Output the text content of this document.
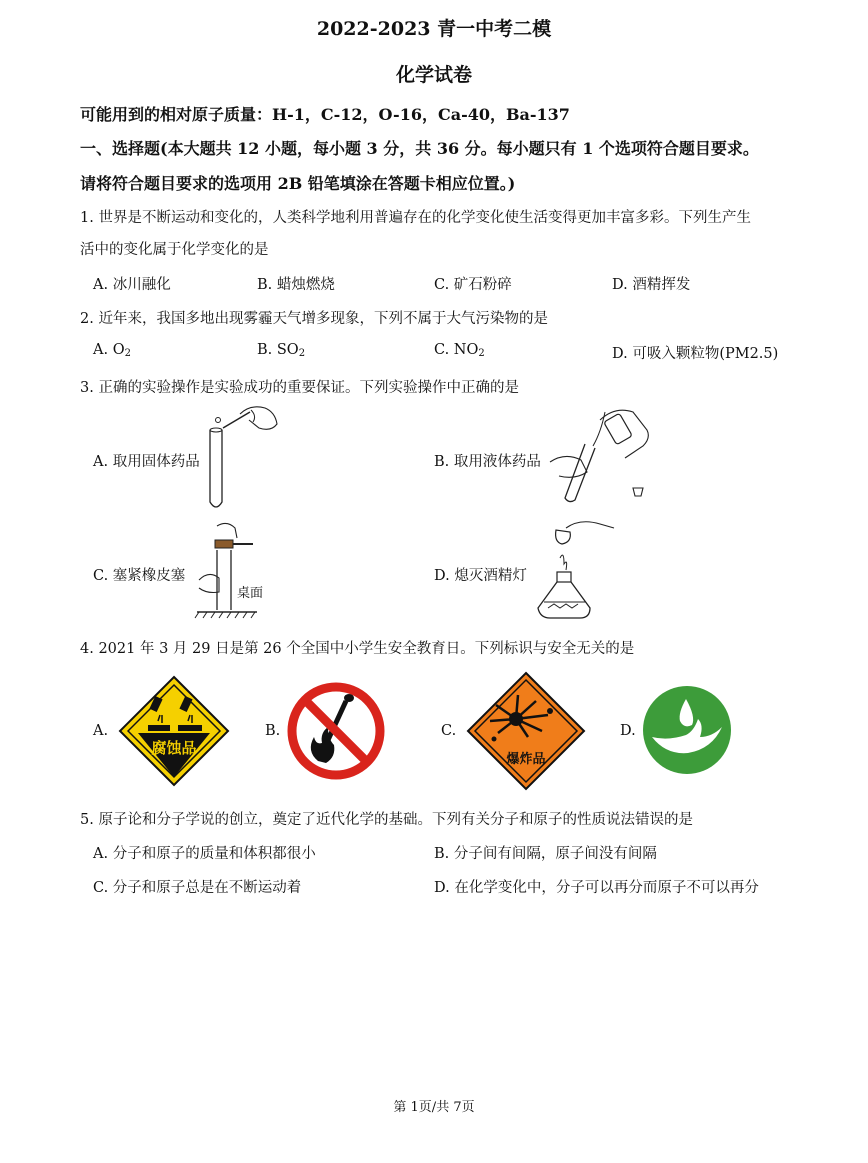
2022-2023 青一中考二模
化学试卷
可能用到的相对原子质量：H-1，C-12，O-16，Ca-40，Ba-137
一、选择题(本大题共 12 小题，每小题 3 分，共 36 分。每小题只有 1 个选项符合题目要求。
请将符合题目要求的选项用 2B 铅笔填涂在答题卡相应位置。)
1. 世界是不断运动和变化的，人类科学地利用普遍存在的化学变化使生活变得更加丰富多彩。下列生产生
活中的变化属于化学变化的是
A. 冰川融化	B. 蜡烛燃烧	C. 矿石粉碎	D. 酒精挥发
2. 近年来，我国多地出现雾霾天气增多现象，下列不属于大气污染物的是
A. $O_2$	B. $SO_2$	C. $NO_2$	D. 可吸入颗粒物(PM2.5)
3. 正确的实验操作是实验成功的重要保证。下列实验操作中正确的是
A. 取用固体药品	B. 取用液体药品
C. 塞紧橡皮塞
桌面
D. 熄灭酒精灯
4. 2021 年 3 月 29 日是第 26 个全国中小学生安全教育日。下列标识与安全无关的是
A.
腐蚀品
B.	C.
爆炸品
D.
5. 原子论和分子学说的创立，奠定了近代化学的基础。下列有关分子和原子的性质说法错误的是
A. 分子和原子的质量和体积都很小	B. 分子间有间隔，原子间没有间隔
C. 分子和原子总是在不断运动着	D. 在化学变化中，分子可以再分而原子不可以再分
第 1页/共 7页
